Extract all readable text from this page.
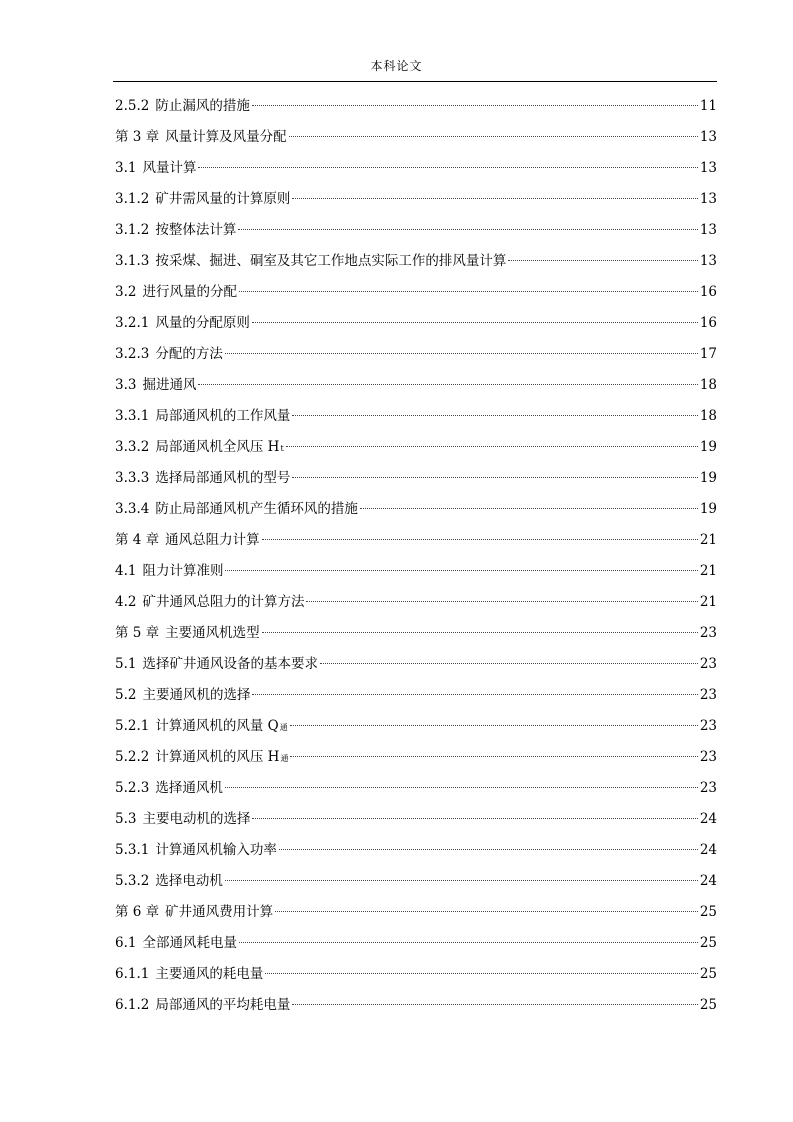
本科论文
2.5.2 防止漏风的措施	11
第 3 章 风量计算及风量分配	13
3.1 风量计算	13
3.1.2 矿井需风量的计算原则	13
3.1.2 按整体法计算	13
3.1.3 按采煤、掘进、硐室及其它工作地点实际工作的排风量计算	13
3.2 进行风量的分配	16
3.2.1 风量的分配原则	16
3.2.3 分配的方法	17
3.3 掘进通风	18
3.3.1 局部通风机的工作风量	18
3.3.2 局部通风机全风压 H t	19
3.3.3 选择局部通风机的型号	19
3.3.4 防止局部通风机产生循环风的措施	19
第 4 章 通风总阻力计算	21
4.1 阻力计算准则	21
4.2 矿井通风总阻力的计算方法	21
第 5 章 主要通风机选型	23
5.1 选择矿井通风设备的基本要求	23
5.2 主要通风机的选择	23
5.2.1 计算通风机的风量 Q 通	23
5.2.2 计算通风机的风压 H 通	23
5.2.3 选择通风机	23
5.3 主要电动机的选择	24
5.3.1 计算通风机输入功率	24
5.3.2 选择电动机	24
第 6 章 矿井通风费用计算	25
6.1 全部通风耗电量	25
6.1.1 主要通风的耗电量	25
6.1.2 局部通风的平均耗电量	25
